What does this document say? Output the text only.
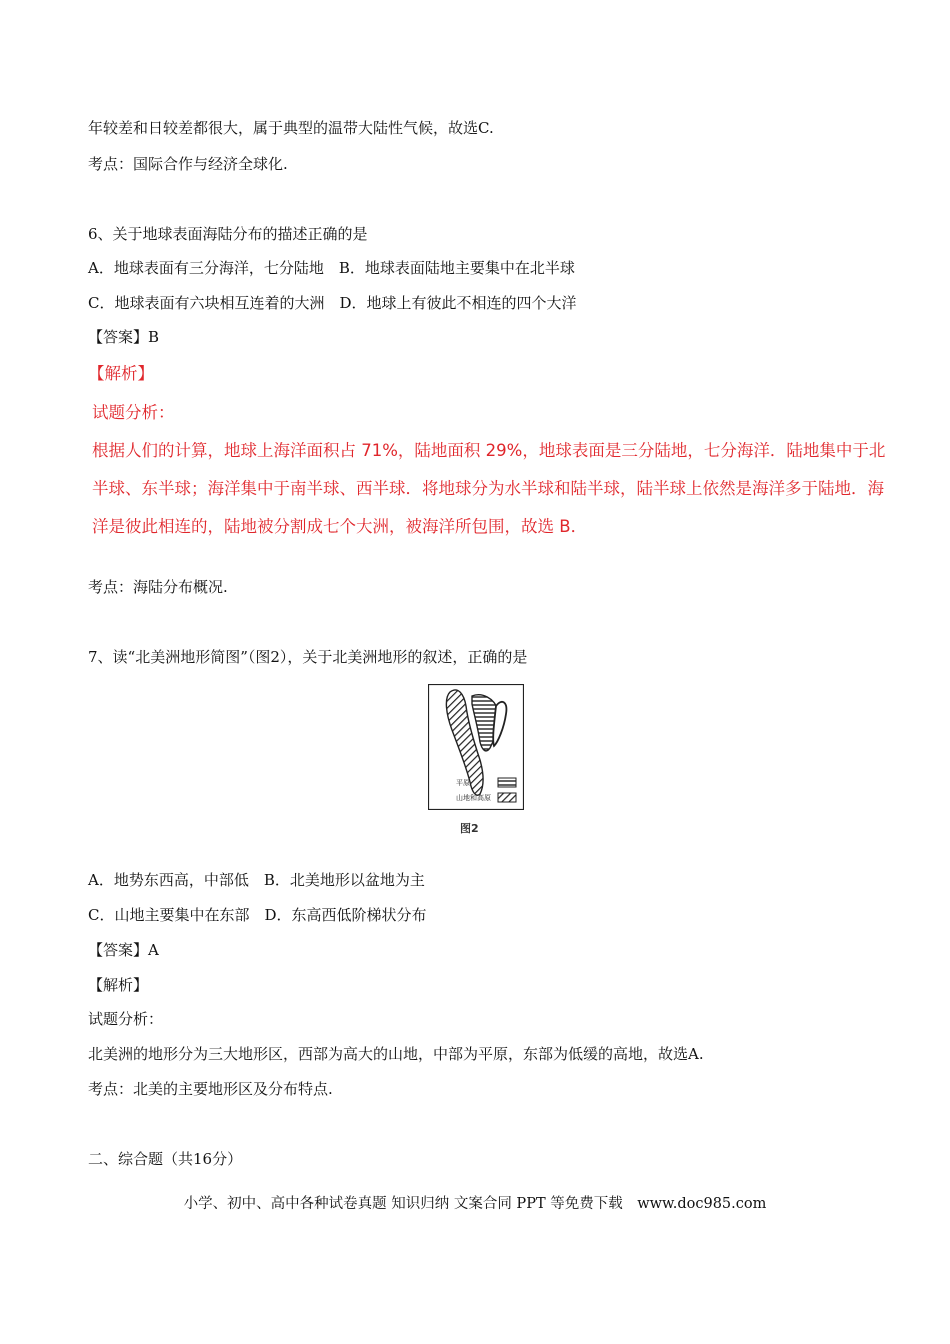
年较差和日较差都很大，属于典型的温带大陆性气候，故选C.
考点：国际合作与经济全球化.
6、关于地球表面海陆分布的描述正确的是
A．地球表面有三分海洋，七分陆地　B．地球表面陆地主要集中在北半球
C．地球表面有六块相互连着的大洲　D．地球上有彼此不相连的四个大洋
【答案】B
【解析】
试题分析：
根据人们的计算，地球上海洋面积占 71%，陆地面积 29%，地球表面是三分陆地，七分海洋．陆地集中于北
半球、东半球；海洋集中于南半球、西半球．将地球分为水半球和陆半球，陆半球上依然是海洋多于陆地．海
洋是彼此相连的，陆地被分割成七个大洲，被海洋所包围，故选 B．
考点：海陆分布概况.
7、读“北美洲地形简图”（图2），关于北美洲地形的叙述，正确的是
平原
山地和高原
图2
A．地势东西高，中部低　B．北美地形以盆地为主
C．山地主要集中在东部　D．东高西低阶梯状分布
【答案】A
【解析】
试题分析：
北美洲的地形分为三大地形区，西部为高大的山地，中部为平原，东部为低缓的高地，故选A.
考点：北美的主要地形区及分布特点.
二、综合题（共16分）
小学、初中、高中各种试卷真题 知识归纳 文案合同 PPT 等免费下载　www.doc985.com
